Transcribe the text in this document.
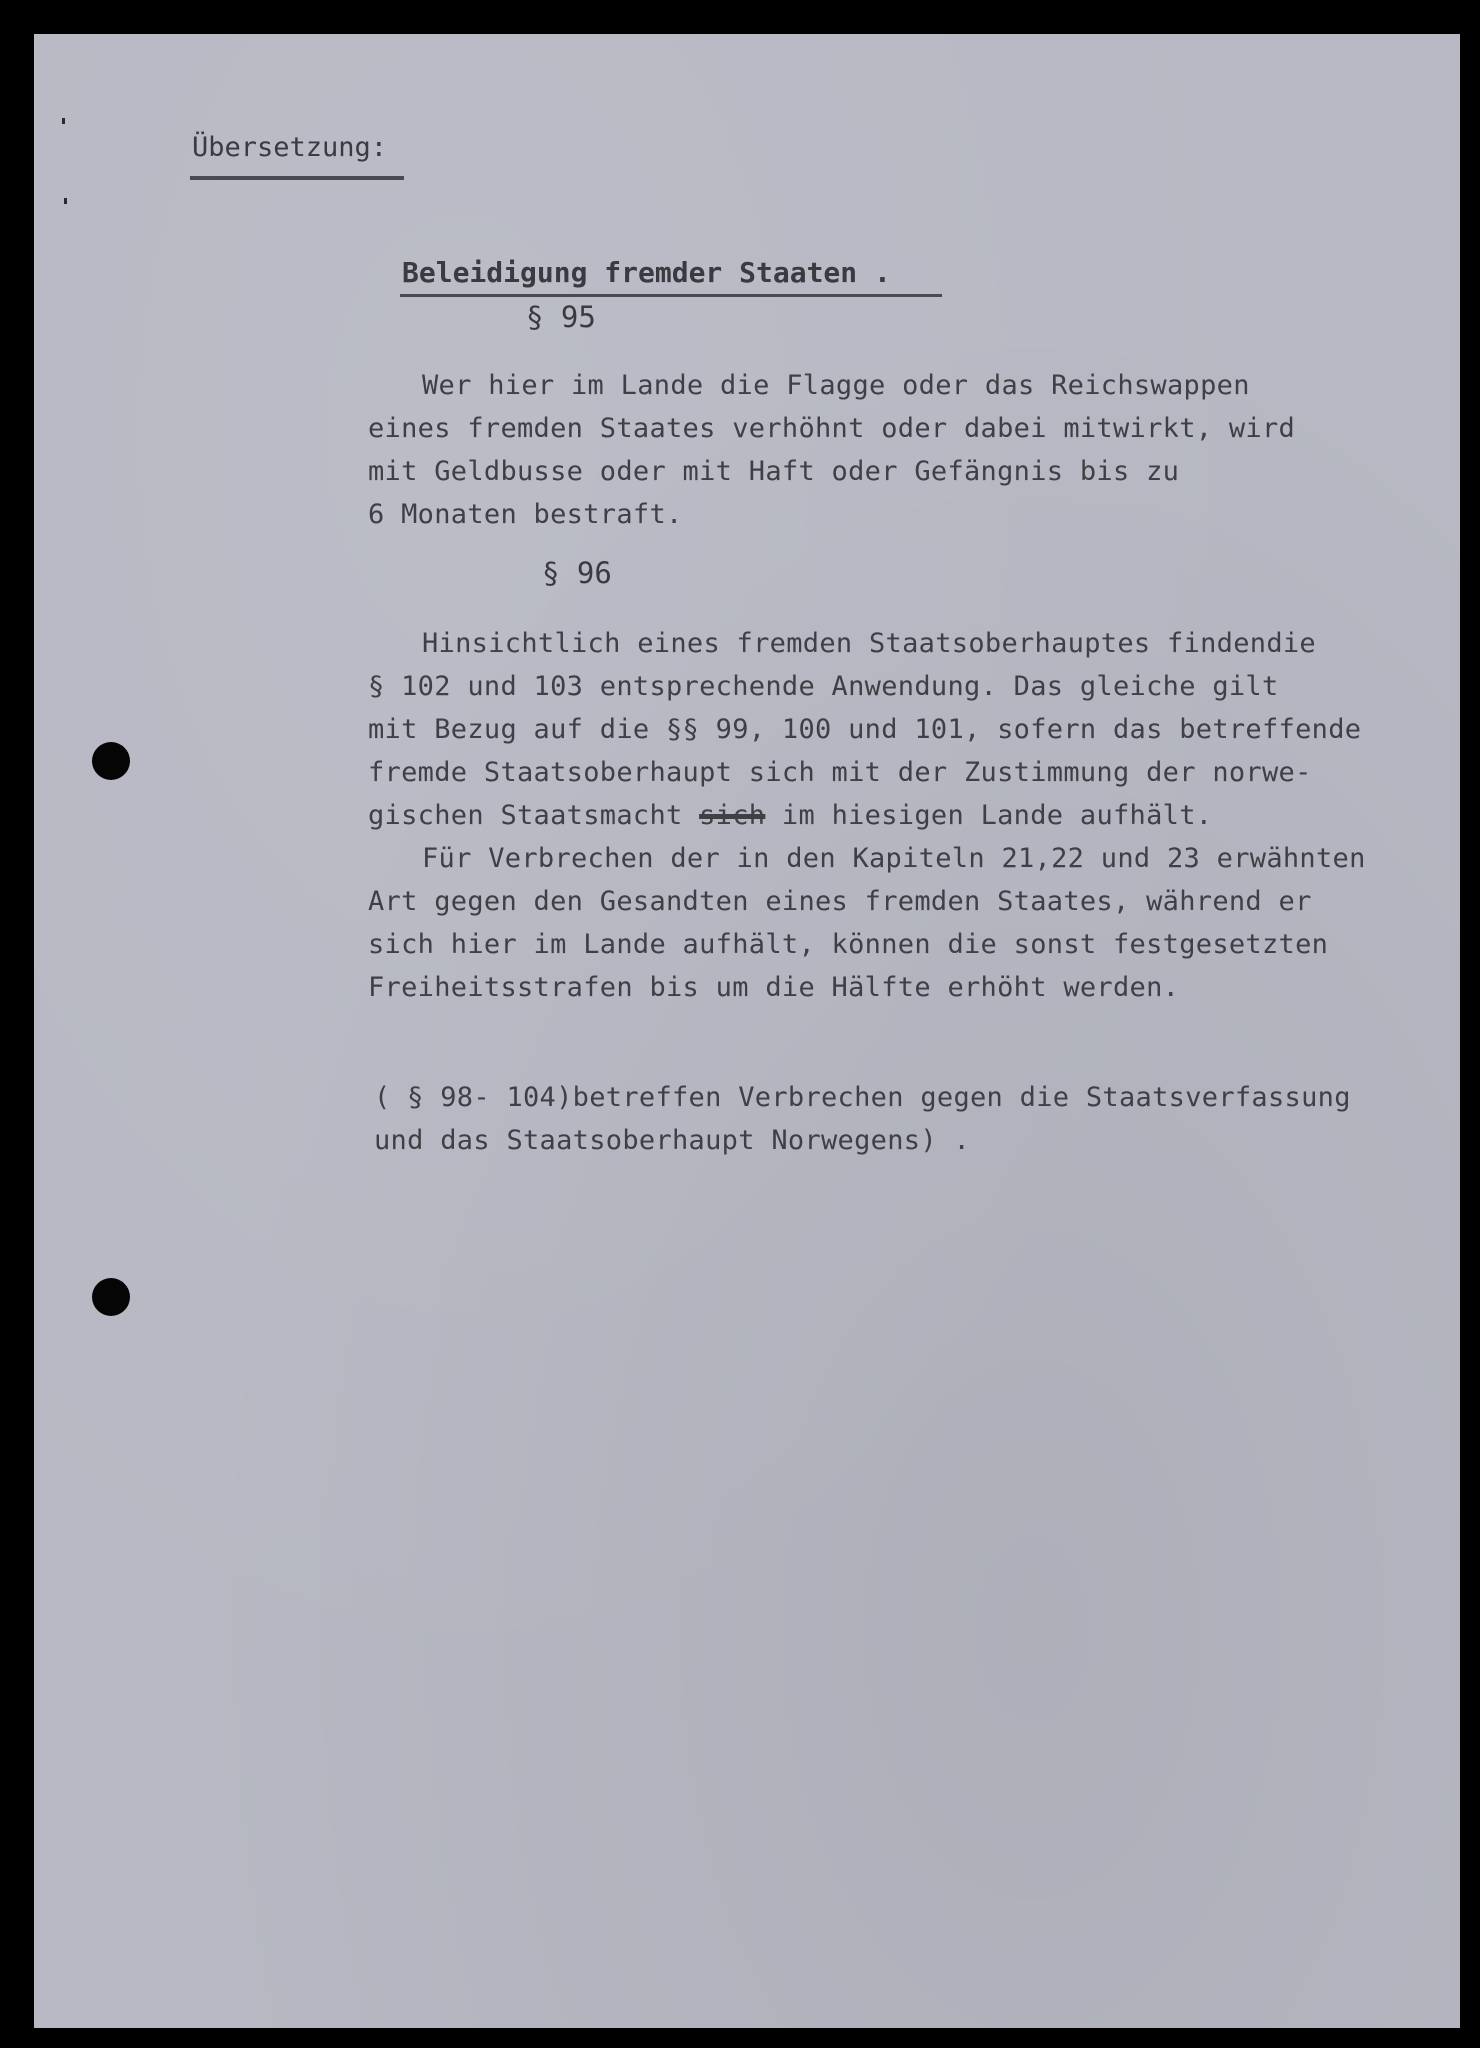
Übersetzung:
Beleidigung fremder Staaten .
§ 95

Wer hier im Lande die Flagge oder das Reichswappen

eines fremden Staates verhöhnt oder dabei mitwirkt, wird

mit Geldbusse oder mit Haft oder Gefängnis bis zu

6 Monaten bestraft.

§ 96

Hinsichtlich eines fremden Staatsoberhauptes findendie

§ 102 und 103 entsprechende Anwendung. Das gleiche gilt

mit Bezug auf die §§ 99, 100 und 101, sofern das betreffende

fremde Staatsoberhaupt sich mit der Zustimmung der norwe-

gischen Staatsmacht sich im hiesigen Lande aufhält.

Für Verbrechen der in den Kapiteln 21,22 und 23 erwähnten

Art gegen den Gesandten eines fremden Staates, während er

sich hier im Lande aufhält, können die sonst festgesetzten

Freiheitsstrafen bis um die Hälfte erhöht werden.

( § 98- 104)betreffen Verbrechen gegen die Staatsverfassung

und das Staatsoberhaupt Norwegens) .
